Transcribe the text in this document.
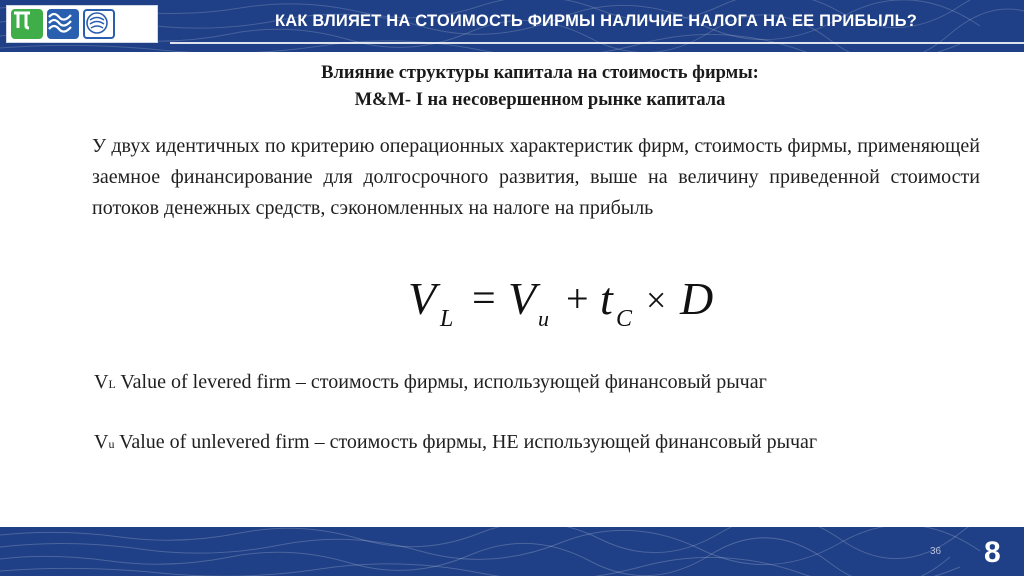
КАК ВЛИЯЕТ НА СТОИМОСТЬ ФИРМЫ НАЛИЧИЕ НАЛОГА НА ЕЕ ПРИБЫЛЬ?
Влияние структуры капитала на стоимость фирмы:
M&M- I на несовершенном рынке капитала
У двух идентичных по критерию операционных характеристик фирм, стоимость фирмы, применяющей заемное финансирование для долгосрочного развития, выше на величину приведенной стоимости потоков денежных средств, сэкономленных на налоге на прибыль
V L = V u + t C × D
VL Value of levered firm – стоимость фирмы, использующей финансовый рычаг
Vu Value of unlevered firm – стоимость фирмы, НЕ использующей финансовый рычаг
36 8
